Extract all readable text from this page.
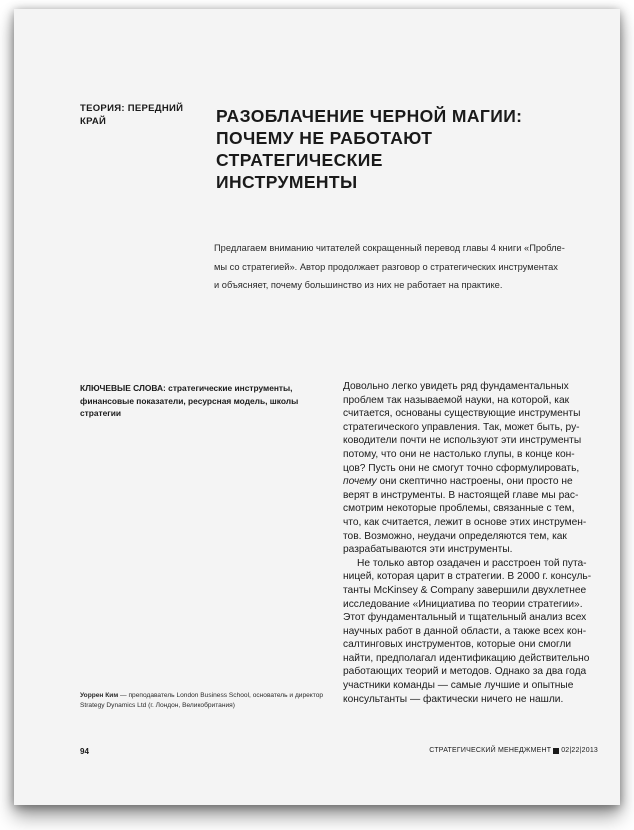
ТЕОРИЯ: ПЕРЕДНИЙ КРАЙ	РАЗОБЛАЧЕНИЕ ЧЕРНОЙ МАГИИ:
ПОЧЕМУ НЕ РАБОТАЮТ СТРАТЕГИЧЕСКИЕ
ИНСТРУМЕНТЫ
Предлагаем вниманию читателей сокращенный перевод главы 4 книги «Пробле-
мы со стратегией». Автор продолжает разговор о стратегических инструментах
и объясняет, почему большинство из них не работает на практике.
КЛЮЧЕВЫЕ СЛОВА: стратегические инструменты, финансовые показатели, ресурсная модель, школы стратегии
Довольно легко увидеть ряд фундаментальных
проблем так называемой науки, на которой, как
считается, основаны существующие инструменты
стратегического управления. Так, может быть, ру-
ководители почти не используют эти инструменты
потому, что они не настолько глупы, в конце кон-
цов? Пусть они не смогут точно сформулировать,
почему они скептично настроены, они просто не
верят в инструменты. В настоящей главе мы рас-
смотрим некоторые проблемы, связанные с тем,
что, как считается, лежит в основе этих инструмен-
тов. Возможно, неудачи определяются тем, как
разрабатываются эти инструменты.
Не только автор озадачен и расстроен той пута-
ницей, которая царит в стратегии. В 2000 г. консуль-
танты McKinsey & Company завершили двухлетнее
исследование «Инициатива по теории стратегии».
Этот фундаментальный и тщательный анализ всех
научных работ в данной области, а также всех кон-
салтинговых инструментов, которые они смогли
найти, предполагал идентификацию действительно
работающих теорий и методов. Однако за два года
участники команды — самые лучшие и опытные
консультанты — фактически ничего не нашли.
Уоррен Ким — преподаватель London Business School, основатель и директор Strategy Dynamics Ltd (г. Лондон, Великобритания)
94	СТРАТЕГИЧЕСКИЙ МЕНЕДЖМЕНТ 02|22|2013
